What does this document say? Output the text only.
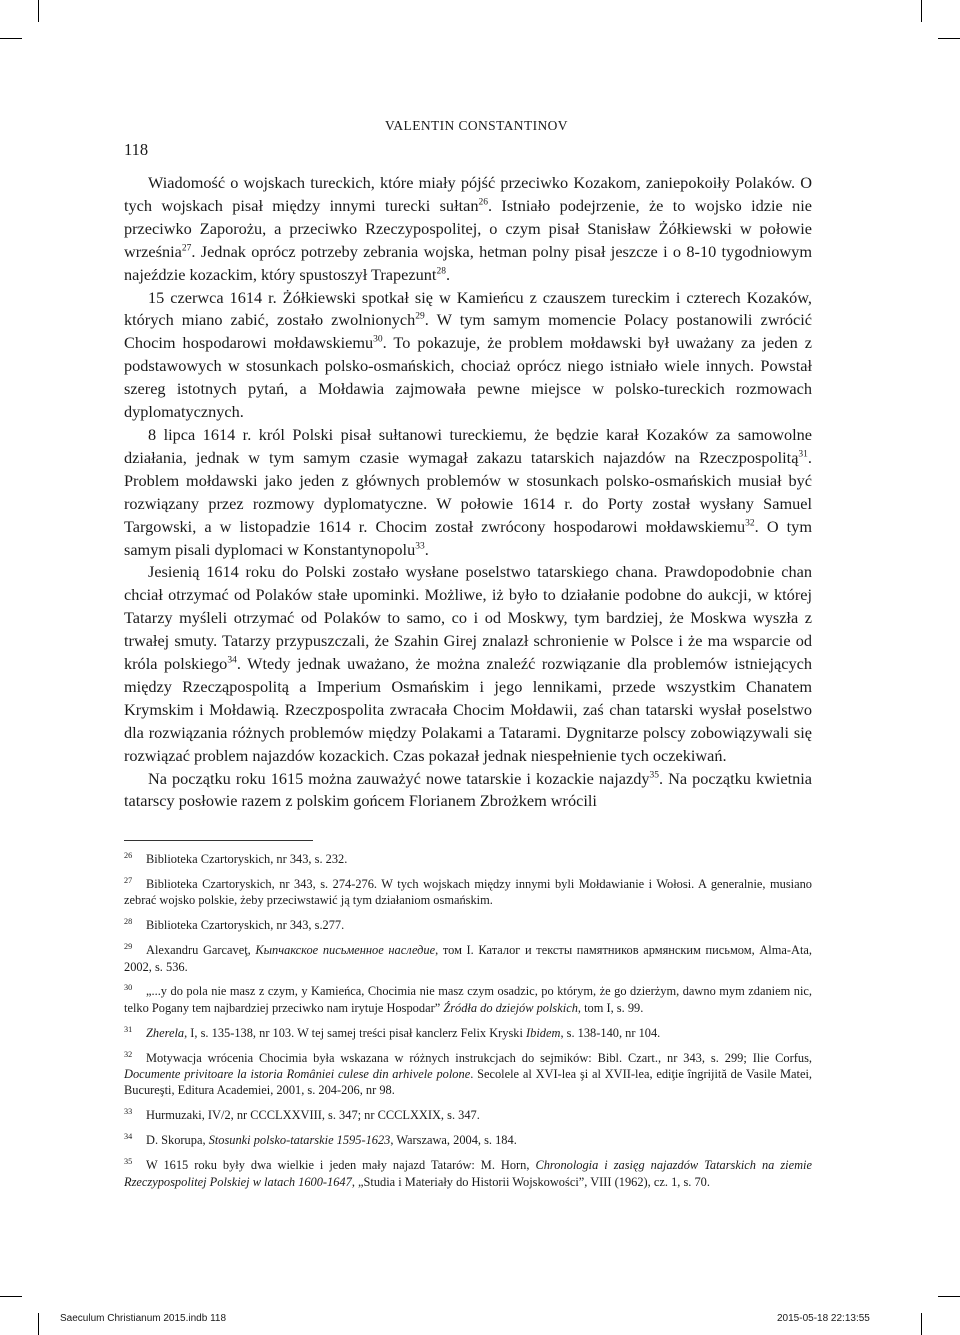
VALENTIN CONSTANTINOV
118

Wiadomość o wojskach tureckich, które miały pójść przeciwko Kozakom, zaniepokoiły Polaków. O tych wojskach pisał między innymi turecki sułtan$^{26}$. Istniało podejrzenie, że to wojsko idzie nie przeciwko Zaporożu, a przeciwko Rzeczypospolitej, o czym pisał Stanisław Żółkiewski w połowie września$^{27}$. Jednak oprócz potrzeby zebrania wojska, hetman polny pisał jeszcze i o 8-10 tygodniowym najeździe kozackim, który spustoszył Trapezunt$^{28}$.

15 czerwca 1614 r. Żółkiewski spotkał się w Kamieńcu z czauszem tureckim i czterech Kozaków, których miano zabić, zostało zwolnionych$^{29}$. W tym samym momencie Polacy postanowili zwrócić Chocim hospodarowi mołdawskiemu$^{30}$. To pokazuje, że problem mołdawski był uważany za jeden z podstawowych w stosunkach polsko-osmańskich, chociaż oprócz niego istniało wiele innych. Powstał szereg istotnych pytań, a Mołdawia zajmowała pewne miejsce w polsko-tureckich rozmowach dyplomatycznych.

8 lipca 1614 r. król Polski pisał sułtanowi tureckiemu, że będzie karał Kozaków za samowolne działania, jednak w tym samym czasie wymagał zakazu tatarskich najazdów na Rzeczpospolitą$^{31}$. Problem mołdawski jako jeden z głównych problemów w stosunkach polsko-osmańskich musiał być rozwiązany przez rozmowy dyplomatyczne. W połowie 1614 r. do Porty został wysłany Samuel Targowski, a w listopadzie 1614 r. Chocim został zwrócony hospodarowi mołdawskiemu$^{32}$. O tym samym pisali dyplomaci w Konstantynopolu$^{33}$.

Jesienią 1614 roku do Polski zostało wysłane poselstwo tatarskiego chana. Prawdopodobnie chan chciał otrzymać od Polaków stałe upominki. Możliwe, iż było to działanie podobne do aukcji, w której Tatarzy myśleli otrzymać od Polaków to samo, co i od Moskwy, tym bardziej, że Moskwa wyszła z trwałej smuty. Tatarzy przypuszczali, że Szahin Girej znalazł schronienie w Polsce i że ma wsparcie od króla polskiego$^{34}$. Wtedy jednak uważano, że można znaleźć rozwiązanie dla problemów istniejących między Rzecząpospolitą a Imperium Osmańskim i jego lennikami, przede wszystkim Chanatem Krymskim i Mołdawią. Rzeczpospolita zwracała Chocim Mołdawii, zaś chan tatarski wysłał poselstwo dla rozwiązania różnych problemów między Polakami a Tatarami. Dygnitarze polscy zobowiązywali się rozwiązać problem najazdów kozackich. Czas pokazał jednak niespełnienie tych oczekiwań.

Na początku roku 1615 można zauważyć nowe tatarskie i kozackie najazdy$^{35}$. Na początku kwietnia tatarscy posłowie razem z polskim gońcem Florianem Zbrożkem wrócili

26 Biblioteka Czartoryskich, nr 343, s. 232.

27 Biblioteka Czartoryskich, nr 343, s. 274-276. W tych wojskach między innymi byli Mołdawianie i Wołosi. A generalnie, musiano zebrać wojsko polskie, żeby przeciwstawić ją tym działaniom osmańskim.

28 Biblioteka Czartoryskich, nr 343, s.277.

29 Alexandru Garcaveţ, Кыпчакское письменное наследие, том I. Каталог и тексты памятников армянским письмом, Alma-Ata, 2002, s. 536.

30 „...y do pola nie masz z czym, y Kamieńca, Chocimia nie masz czym osadzic, po którym, że go dzierżym, dawno mym zdaniem nic, telko Pogany tem najbardziej przeciwko nam irytuje Hospodar” Źródła do dziejów polskich, tom I, s. 99.

31 Zherela, I, s. 135-138, nr 103. W tej samej treści pisał kanclerz Felix Kryski Ibidem, s. 138-140, nr 104.

32 Motywacja wrócenia Chocimia była wskazana w różnych instrukcjach do sejmików: Bibl. Czart., nr 343, s. 299; Ilie Corfus, Documente privitoare la istoria României culese din arhivele polone. Secolele al XVI-lea şi al XVII-lea, ediţie îngrijită de Vasile Matei, Bucureşti, Editura Academiei, 2001, s. 204-206, nr 98.

33 Hurmuzaki, IV/2, nr CCCLXXVIII, s. 347; nr CCCLXXIX, s. 347.

34 D. Skorupa, Stosunki polsko-tatarskie 1595-1623, Warszawa, 2004, s. 184.

35 W 1615 roku były dwa wielkie i jeden mały najazd Tatarów: M. Horn, Chronologia i zasięg najazdów Tatarskich na ziemie Rzeczypospolitej Polskiej w latach 1600-1647, „Studia i Materiały do Historii Wojskowości”, VIII (1962), cz. 1, s. 70.

Saeculum Christianum 2015.indb 118	2015-05-18 22:13:55
